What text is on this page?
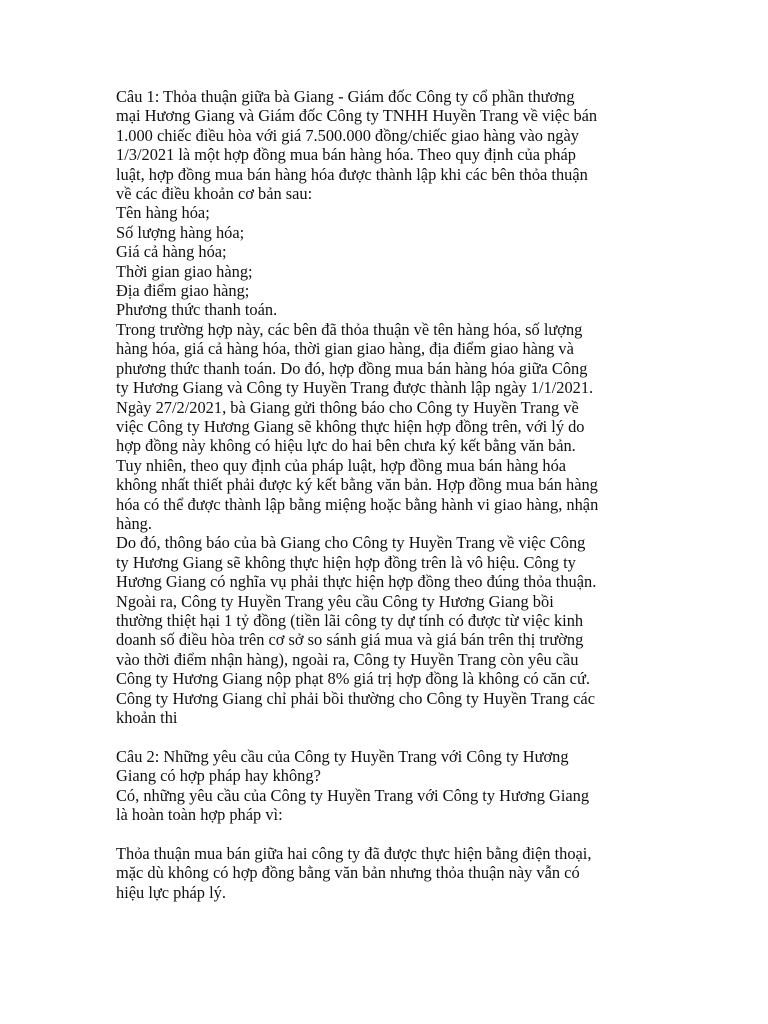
Câu 1: Thỏa thuận giữa bà Giang - Giám đốc Công ty cổ phần thương
mại Hương Giang và Giám đốc Công ty TNHH Huyền Trang về việc bán
1.000 chiếc điều hòa với giá 7.500.000 đồng/chiếc giao hàng vào ngày
1/3/2021 là một hợp đồng mua bán hàng hóa. Theo quy định của pháp
luật, hợp đồng mua bán hàng hóa được thành lập khi các bên thỏa thuận
về các điều khoản cơ bản sau:
Tên hàng hóa;
Số lượng hàng hóa;
Giá cả hàng hóa;
Thời gian giao hàng;
Địa điểm giao hàng;
Phương thức thanh toán.
Trong trường hợp này, các bên đã thỏa thuận về tên hàng hóa, số lượng
hàng hóa, giá cả hàng hóa, thời gian giao hàng, địa điểm giao hàng và
phương thức thanh toán. Do đó, hợp đồng mua bán hàng hóa giữa Công
ty Hương Giang và Công ty Huyền Trang được thành lập ngày 1/1/2021.
Ngày 27/2/2021, bà Giang gửi thông báo cho Công ty Huyền Trang về
việc Công ty Hương Giang sẽ không thực hiện hợp đồng trên, với lý do
hợp đồng này không có hiệu lực do hai bên chưa ký kết bằng văn bản.
Tuy nhiên, theo quy định của pháp luật, hợp đồng mua bán hàng hóa
không nhất thiết phải được ký kết bằng văn bản. Hợp đồng mua bán hàng
hóa có thể được thành lập bằng miệng hoặc bằng hành vi giao hàng, nhận
hàng.
Do đó, thông báo của bà Giang cho Công ty Huyền Trang về việc Công
ty Hương Giang sẽ không thực hiện hợp đồng trên là vô hiệu. Công ty
Hương Giang có nghĩa vụ phải thực hiện hợp đồng theo đúng thỏa thuận.
Ngoài ra, Công ty Huyền Trang yêu cầu Công ty Hương Giang bồi
thường thiệt hại 1 tỷ đồng (tiền lãi công ty dự tính có được từ việc kinh
doanh số điều hòa trên cơ sở so sánh giá mua và giá bán trên thị trường
vào thời điểm nhận hàng), ngoài ra, Công ty Huyền Trang còn yêu cầu
Công ty Hương Giang nộp phạt 8% giá trị hợp đồng là không có căn cứ.
Công ty Hương Giang chỉ phải bồi thường cho Công ty Huyền Trang các
khoản thi
Câu 2: Những yêu cầu của Công ty Huyền Trang với Công ty Hương
Giang có hợp pháp hay không?
Có, những yêu cầu của Công ty Huyền Trang với Công ty Hương Giang
là hoàn toàn hợp pháp vì:
Thỏa thuận mua bán giữa hai công ty đã được thực hiện bằng điện thoại,
mặc dù không có hợp đồng bằng văn bản nhưng thỏa thuận này vẫn có
hiệu lực pháp lý.
